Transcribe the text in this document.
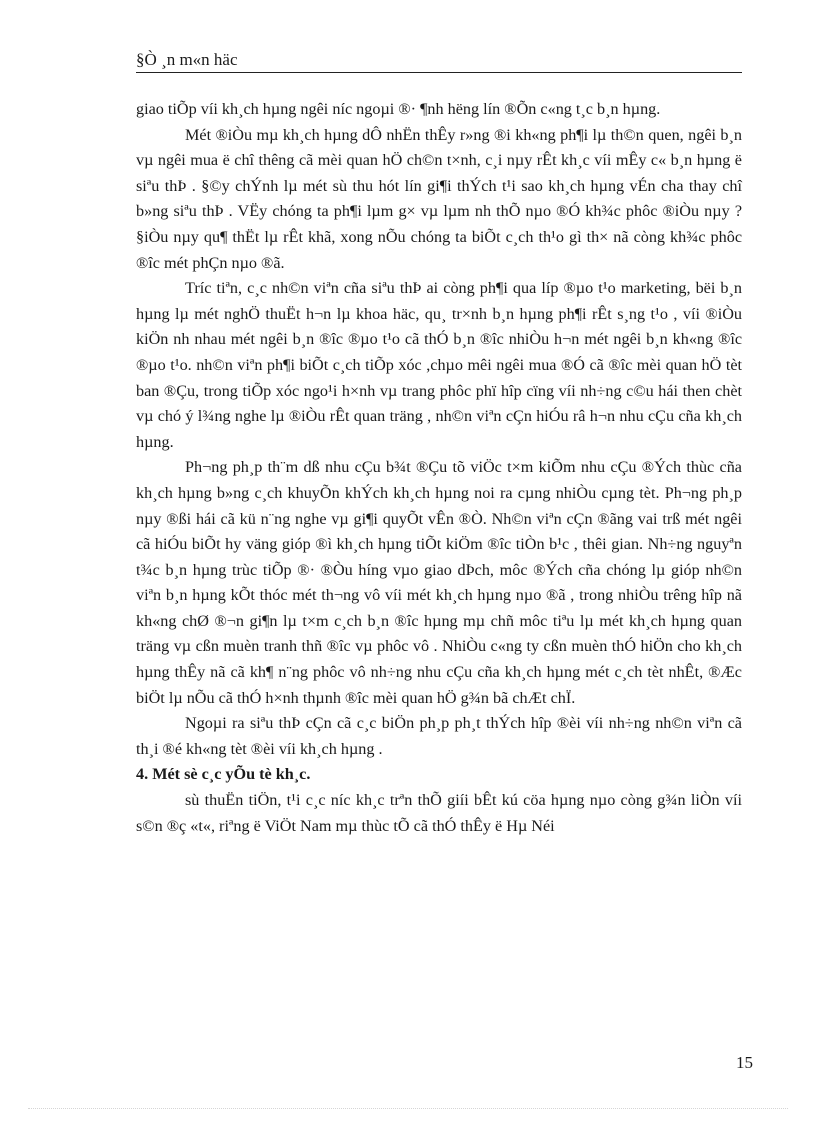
§Ò ¸n m«n häc

giao tiÕp víi kh¸ch hµng ngêi níc ngoµi ®· ¶nh hëng lín ®Õn c«ng t¸c b¸n hµng.

Mét ®iÒu mµ kh¸ch hµng dÔ nhËn thÊy r»ng ®i kh«ng ph¶i lµ th©n quen, ngêi b¸n vµ ngêi mua ë chî thêng cã mèi quan hÖ ch©n t×nh, c¸i nµy rÊt kh¸c víi mÊy c« b¸n hµng ë siªu thÞ . §©y chÝnh lµ mét sù thu hót lín gi¶i thÝch t¹i sao kh¸ch hµng vÉn cha thay chî b»ng siªu thÞ . VËy chóng ta ph¶i lµm g× vµ lµm nh thÕ nµo ®Ó kh¾c phôc ®iÒu nµy ?§iÒu nµy qu¶ thËt lµ rÊt khã, xong nÕu chóng ta biÕt c¸ch th¹o gì th× nã còng kh¾c phôc ®îc mét phÇn nµo ®ã.

Tríc tiªn, c¸c nh©n viªn cña siªu thÞ ai còng ph¶i qua líp ®µo t¹o marketing, bëi b¸n hµng lµ mét nghÖ thuËt h¬n lµ khoa häc, qu¸ tr×nh b¸n hµng ph¶i rÊt s¸ng t¹o , víi ®iÒu kiÖn nh nhau mét ngêi b¸n ®îc ®µo t¹o cã thÓ b¸n ®îc nhiÒu h¬n mét ngêi b¸n kh«ng ®îc ®µo t¹o. nh©n viªn ph¶i biÕt c¸ch tiÕp xóc ,chµo mêi ngêi mua ®Ó cã ®îc mèi quan hÖ tèt ban ®Çu, trong tiÕp xóc ngo¹i h×nh vµ trang phôc phï hîp cïng víi nh÷ng c©u hái then chèt vµ chó ý l¾ng nghe lµ ®iÒu rÊt quan träng , nh©n viªn cÇn hiÓu râ h¬n nhu cÇu cña kh¸ch hµng.

Ph¬ng ph¸p th¨m dß nhu cÇu b¾t ®Çu tõ viÖc t×m kiÕm nhu cÇu ®Ých thùc cña kh¸ch hµng b»ng c¸ch khuyÕn khÝch kh¸ch hµng noi ra cµng nhiÒu cµng tèt. Ph¬ng ph¸p nµy ®ßi hái cã kü n¨ng nghe vµ gi¶i quyÕt vÊn ®Ò. Nh©n viªn cÇn ®ãng vai trß mét ngêi cã hiÓu biÕt hy väng gióp ®ì kh¸ch hµng tiÕt kiÖm ®îc tiÒn b¹c , thêi gian. Nh÷ng nguyªn t¾c b¸n hµng trùc tiÕp ®· ®Òu híng vµo giao dÞch, môc ®Ých cña chóng lµ gióp nh©n viªn b¸n hµng kÕt thóc mét th¬ng vô víi mét kh¸ch hµng nµo ®ã , trong nhiÒu trêng hîp nã kh«ng chØ ®¬n gi¶n lµ t×m c¸ch b¸n ®îc hµng mµ chñ môc tiªu lµ mét kh¸ch hµng quan träng vµ cßn muèn tranh thñ ®îc vµ phôc vô . NhiÒu c«ng ty cßn muèn thÓ hiÖn cho kh¸ch hµng thÊy nã cã kh¶ n¨ng phôc vô nh÷ng nhu cÇu cña kh¸ch hµng mét c¸ch tèt nhÊt, ®Æc biÖt lµ nÕu cã thÓ h×nh thµnh ®îc mèi quan hÖ g¾n bã chÆt chÏ.

Ngoµi ra siªu thÞ cÇn cã c¸c biÖn ph¸p ph¸t thÝch hîp ®èi víi nh÷ng nh©n viªn cã th¸i ®é kh«ng tèt ®èi víi kh¸ch hµng .

4. Mét sè c¸c yÕu tè kh¸c.

sù thuËn tiÖn, t¹i c¸c níc kh¸c trªn thÕ giíi bÊt kú cöa hµng nµo còng g¾n liÒn víi s©n ®ç «t«, riªng ë ViÖt Nam mµ thùc tÕ cã thÓ thÊy ë Hµ Néi

15
